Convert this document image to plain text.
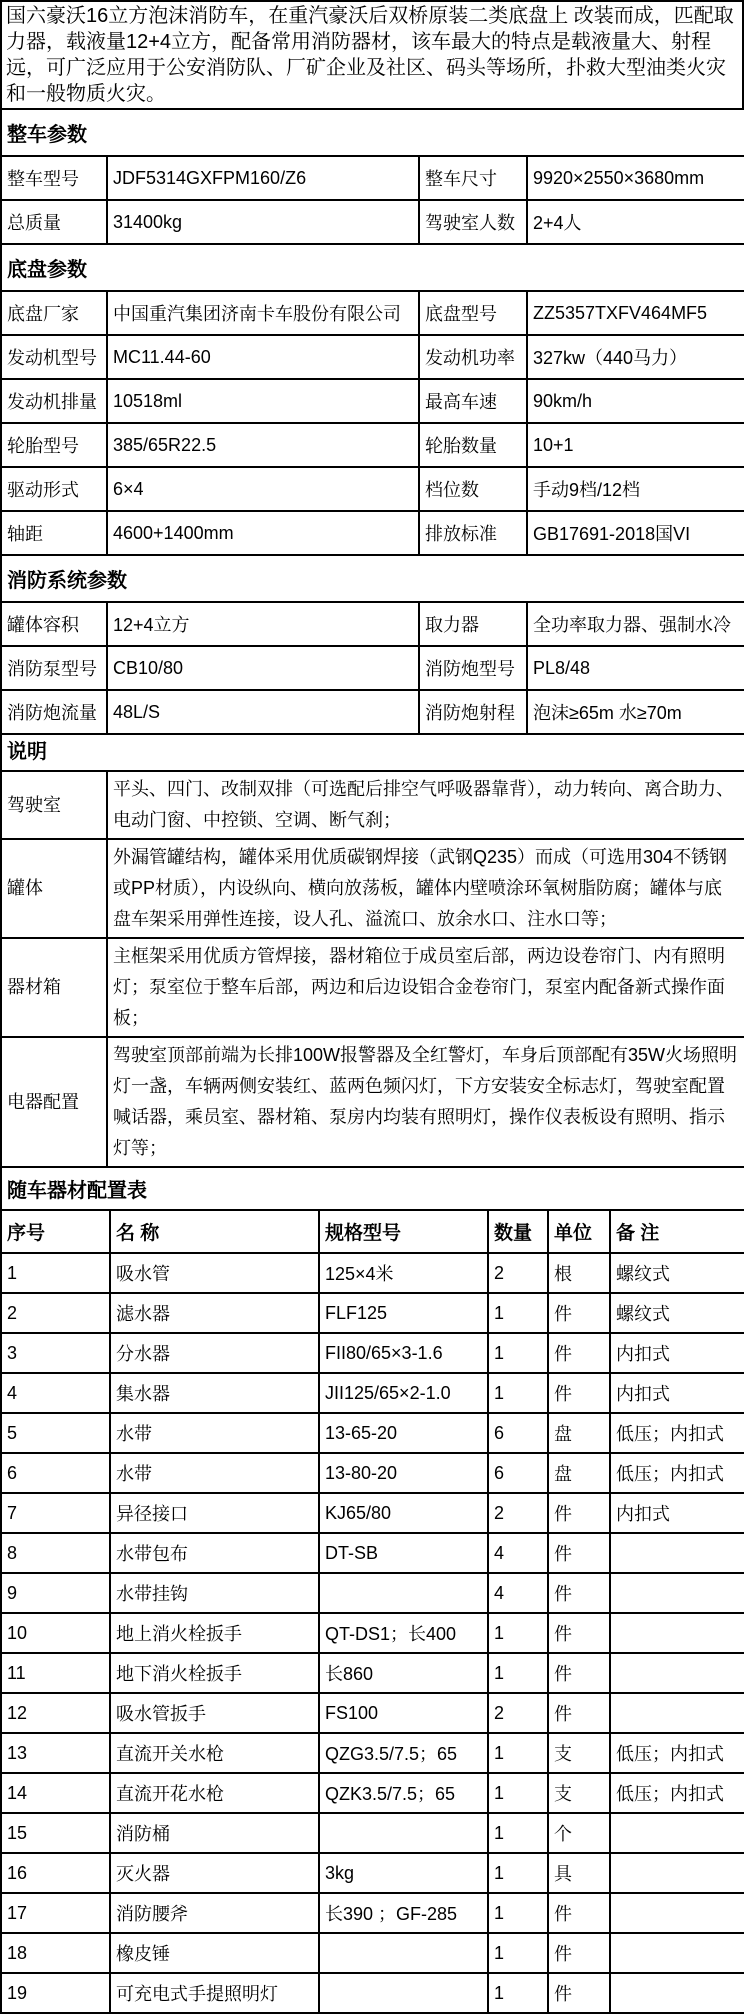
国六豪沃16立方泡沫消防车，在重汽豪沃后双桥原装二类底盘上 改装而成，匹配取力器，载液量12+4立方，配备常用消防器材，该车最大的特点是载液量大、射程远，可广泛应用于公安消防队、厂矿企业及社区、码头等场所，扑救大型油类火灾和一般物质火灾。
整车参数			
整车型号	JDF5314GXFPM160/Z6	整车尺寸	9920×2550×3680mm
总质量	31400kg	驾驶室人数	2+4人
底盘参数			
底盘厂家	中国重汽集团济南卡车股份有限公司	底盘型号	ZZ5357TXFV464MF5
发动机型号	MC11.44-60	发动机功率	327kw（440马力）
发动机排量	10518ml	最高车速	90km/h
轮胎型号	385/65R22.5	轮胎数量	10+1
驱动形式	6×4	档位数	手动9档/12档
轴距	4600+1400mm	排放标准	GB17691-2018国VI
消防系统参数			
罐体容积	12+4立方	取力器	全功率取力器、强制水冷
消防泵型号	CB10/80	消防炮型号	PL8/48
消防炮流量	48L/S	消防炮射程	泡沫≥65m 水≥70m
说明	
驾驶室	平头、四门、改制双排（可选配后排空气呼吸器靠背），动力转向、离合助力、电动门窗、中控锁、空调、断气刹；
罐体	外漏管罐结构，罐体采用优质碳钢焊接（武钢Q235）而成（可选用304不锈钢或PP材质），内设纵向、横向放荡板，罐体内壁喷涂环氧树脂防腐；罐体与底盘车架采用弹性连接，设人孔、溢流口、放余水口、注水口等；
器材箱	主框架采用优质方管焊接，器材箱位于成员室后部，两边设卷帘门、内有照明灯；泵室位于整车后部，两边和后边设铝合金卷帘门，泵室内配备新式操作面板；
电器配置	驾驶室顶部前端为长排100W报警器及全红警灯，车身后顶部配有35W火场照明灯一盏，车辆两侧安装红、蓝两色频闪灯，下方安装安全标志灯，驾驶室配置喊话器，乘员室、器材箱、泵房内均装有照明灯，操作仪表板设有照明、指示灯等；
随车器材配置表					
序号	名 称	规格型号	数量	单位	备 注
1	吸水管	125×4米	2	根	螺纹式
2	滤水器	FLF125	1	件	螺纹式
3	分水器	FII80/65×3-1.6	1	件	内扣式
4	集水器	JII125/65×2-1.0	1	件	内扣式
5	水带	13-65-20	6	盘	低压；内扣式
6	水带	13-80-20	6	盘	低压；内扣式
7	异径接口	KJ65/80	2	件	内扣式
8	水带包布	DT-SB	4	件	
9	水带挂钩		4	件	
10	地上消火栓扳手	QT-DS1；长400	1	件	
11	地下消火栓扳手	长860	1	件	
12	吸水管扳手	FS100	2	件	
13	直流开关水枪	QZG3.5/7.5；65	1	支	低压；内扣式
14	直流开花水枪	QZK3.5/7.5；65	1	支	低压；内扣式
15	消防桶		1	个	
16	灭火器	3kg	1	具	
17	消防腰斧	长390 ；GF-285	1	件	
18	橡皮锤		1	件	
19	可充电式手提照明灯		1	件	
